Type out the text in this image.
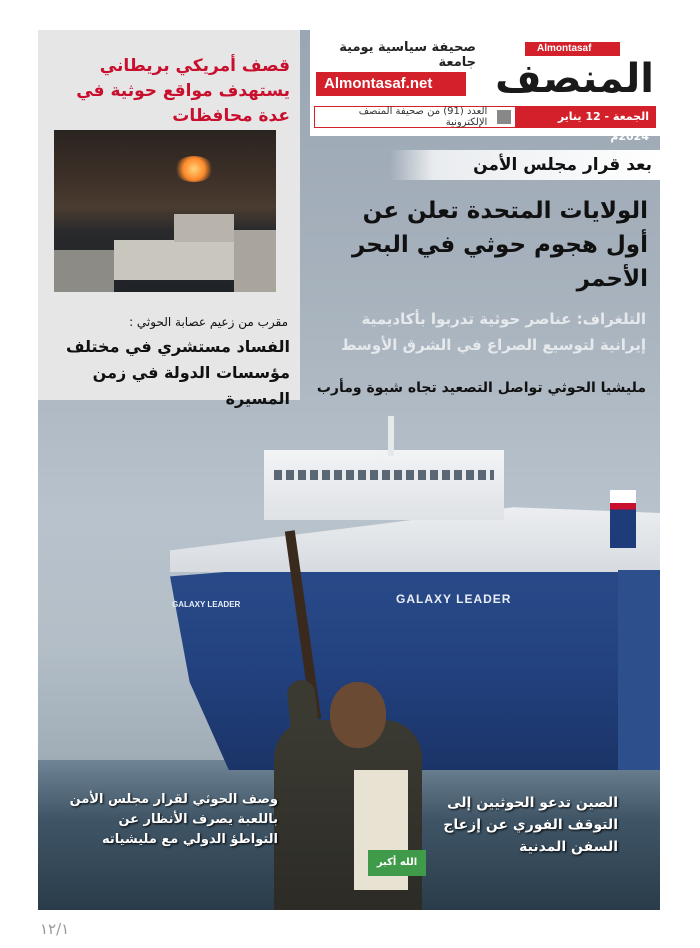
GALAXY LEADER	GALAXY LEADER
الله أكبر
قصف أمريكي بريطاني يستهدف مواقع حوثية في عدة محافظات
مقرب من زعيم عصابة الحوثي :
الفساد مستشري في مختلف مؤسسات الدولة في زمن المسيرة
Almontasaf
المنصف
صحيفة سياسية يومية جامعة
Almontasaf.net
الجمعة - 12 يناير 2024م
العدد (91) من صحيفة المنصف الإلكترونية
بعد قرار مجلس الأمن
الولايات المتحدة تعلن عن أول هجوم حوثي في البحر الأحمر
التلغراف: عناصر حوثية تدربوا بأكاديمية إيرانية لتوسيع الصراع في الشرق الأوسط
مليشيا الحوثي تواصل التصعيد تجاه شبوة ومأرب
وصف الحوثي لقرار مجلس الأمن باللعبة يصرف الأنظار عن التواطؤ الدولي مع مليشياته
الصين تدعو الحوثيين إلى التوقف الفوري عن إزعاج السفن المدنية
١٢/١
